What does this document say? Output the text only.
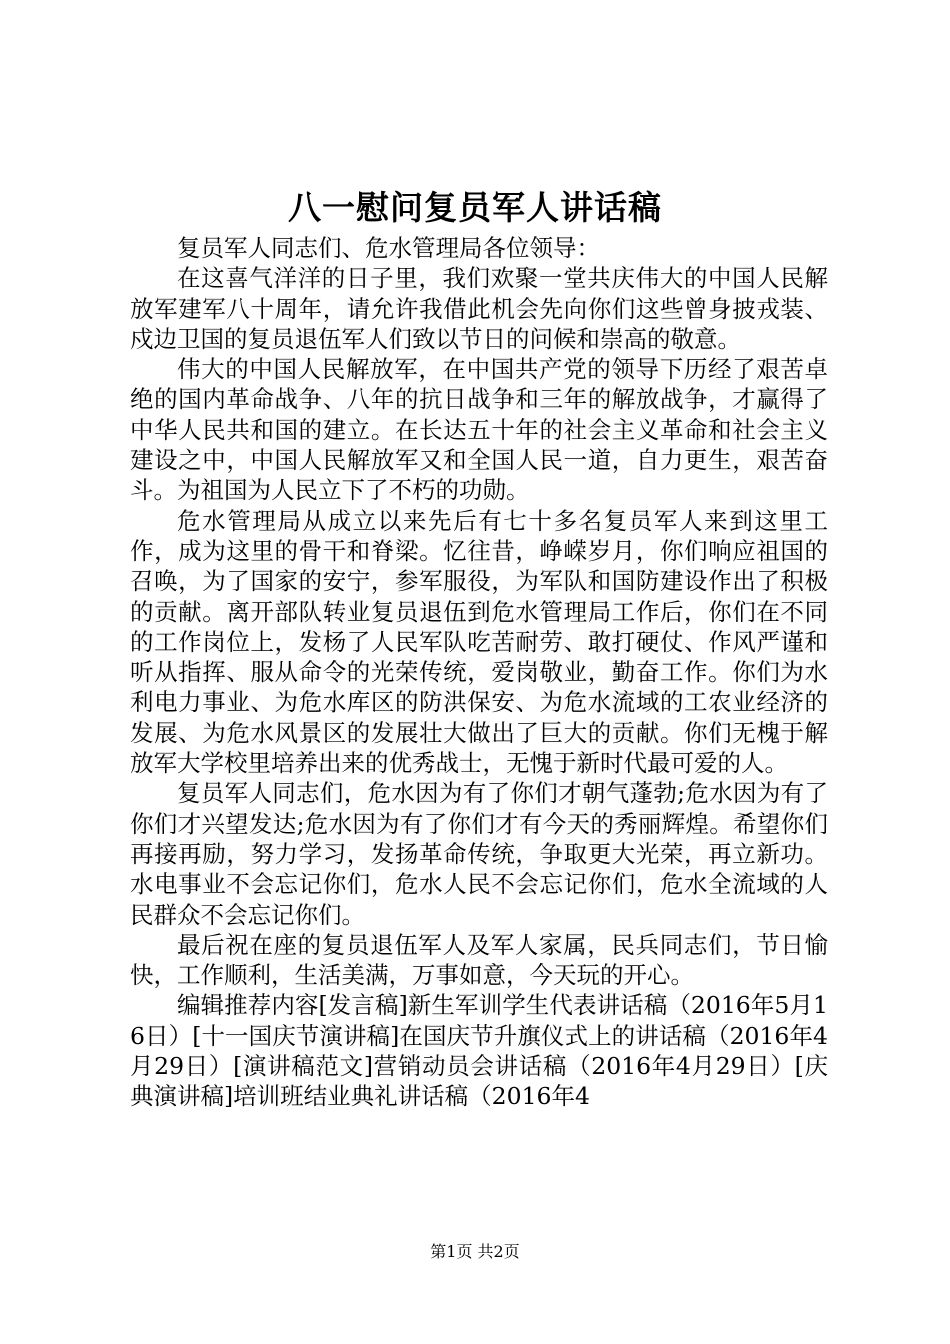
八一慰问复员军人讲话稿

复员军人同志们、危水管理局各位领导：

在这喜气洋洋的日子里，我们欢聚一堂共庆伟大的中国人民解放军建军八十周年，请允许我借此机会先向你们这些曾身披戎装、戍边卫国的复员退伍军人们致以节日的问候和崇高的敬意。

伟大的中国人民解放军，在中国共产党的领导下历经了艰苦卓绝的国内革命战争、八年的抗日战争和三年的解放战争，才赢得了中华人民共和国的建立。在长达五十年的社会主义革命和社会主义建设之中，中国人民解放军又和全国人民一道，自力更生，艰苦奋斗。为祖国为人民立下了不朽的功勋。

危水管理局从成立以来先后有七十多名复员军人来到这里工作，成为这里的骨干和脊梁。忆往昔，峥嵘岁月，你们响应祖国的召唤，为了国家的安宁，参军服役，为军队和国防建设作出了积极的贡献。离开部队转业复员退伍到危水管理局工作后，你们在不同的工作岗位上，发杨了人民军队吃苦耐劳、敢打硬仗、作风严谨和听从指挥、服从命令的光荣传统，爱岗敬业，勤奋工作。你们为水利电力事业、为危水库区的防洪保安、为危水流域的工农业经济的发展、为危水风景区的发展壮大做出了巨大的贡献。你们无槐于解放军大学校里培养出来的优秀战士，无愧于新时代最可爱的人。

复员军人同志们，危水因为有了你们才朝气蓬勃;危水因为有了你们才兴望发达;危水因为有了你们才有今天的秀丽辉煌。希望你们再接再励，努力学习，发扬革命传统，争取更大光荣，再立新功。水电事业不会忘记你们，危水人民不会忘记你们，危水全流域的人民群众不会忘记你们。

最后祝在座的复员退伍军人及军人家属，民兵同志们，节日愉快，工作顺利，生活美满，万事如意，今天玩的开心。

编辑推荐内容[发言稿]新生军训学生代表讲话稿（2016年5月16日）[十一国庆节演讲稿]在国庆节升旗仪式上的讲话稿（2016年4月29日）[演讲稿范文]营销动员会讲话稿（2016年4月29日）[庆典演讲稿]培训班结业典礼讲话稿（2016年4

第1页 共2页
